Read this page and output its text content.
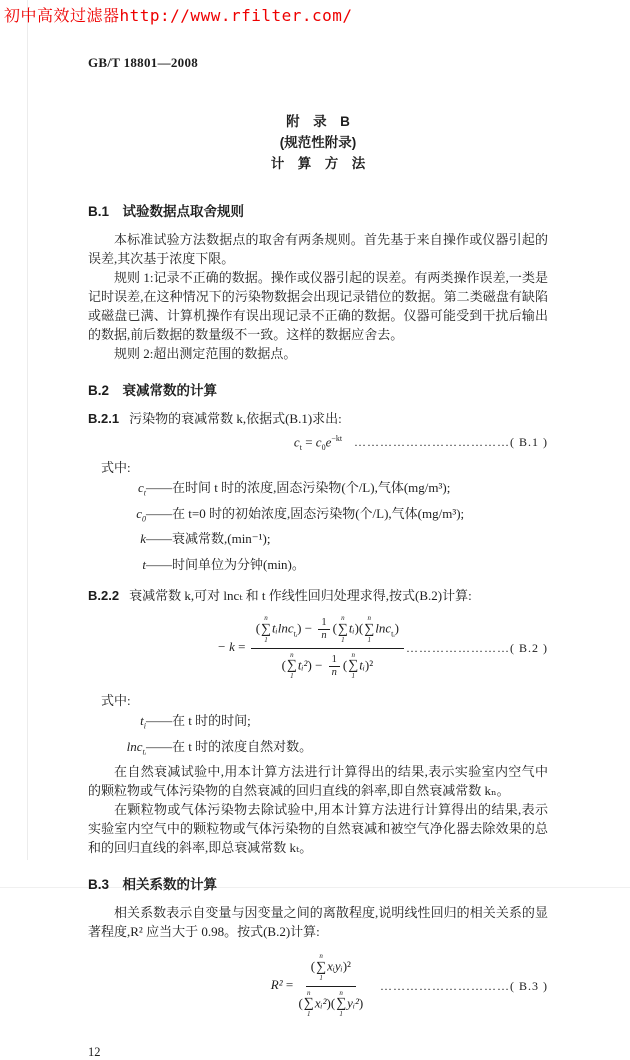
初中高效过滤器http://www.rfilter.com/
GB/T 18801—2008
附　录　B
(规范性附录)
计　算　方　法
B.1　试验数据点取舍规则

本标准试验方法数据点的取舍有两条规则。首先基于来自操作或仪器引起的误差,其次基于浓度下限。

规则 1:记录不正确的数据。操作或仪器引起的误差。有两类操作误差,一类是记时误差,在这种情况下的污染物数据会出现记录错位的数据。第二类磁盘有缺陷或磁盘已满、计算机操作有误出现记录不正确的数据。仪器可能受到干扰后输出的数据,前后数据的数量级不一致。这样的数据应舍去。

规则 2:超出测定范围的数据点。

B.2　衰减常数的计算

B.2.1 污染物的衰减常数 k,依据式(B.1)求出:

$c_t = c_0e^{-kt}$ ………………………………( B.1 )

式中:

$c_t$ ——在时间 t 时的浓度,固态污染物(个/L),气体(mg/m³);
$c_0$ ——在 t=0 时的初始浓度,固态污染物(个/L),气体(mg/m³);
k ——衰减常数,(min⁻¹);
t ——时间单位为分钟(min)。

B.2.2 衰减常数 k,可对 lncₜ 和 t 作线性回归处理求得,按式(B.2)计算:

− k = (
n
∑
1
tᵢlnc$_{tᵢ}$) − $\frac{1}{n}$ (
n
∑
1
tᵢ)(
n
∑
1
lnc$_{tᵢ}$)
(
n
∑
1
tᵢ²) − $\frac{1}{n}$ (
n
∑
1
tᵢ)² ……………………( B.2 )

式中:

$t_i$ ——在 t 时的时间;
lnc$_{tᵢ}$ ——在 t 时的浓度自然对数。

在自然衰减试验中,用本计算方法进行计算得出的结果,表示实验室内空气中的颗粒物或气体污染物的自然衰减的回归直线的斜率,即自然衰减常数 kₙ。

在颗粒物或气体污染物去除试验中,用本计算方法进行计算得出的结果,表示实验室内空气中的颗粒物或气体污染物的自然衰减和被空气净化器去除效果的总和的回归直线的斜率,即总衰减常数 kₜ。

B.3　相关系数的计算

相关系数表示自变量与因变量之间的离散程度,说明线性回归的相关关系的显著程度,R² 应当大于 0.98。按式(B.2)计算:

R² = (
n
∑
1
xᵢyᵢ)²
(
n
∑
1
xᵢ²)(
n
∑
1
yᵢ²)	…………………………( B.3 )
12
